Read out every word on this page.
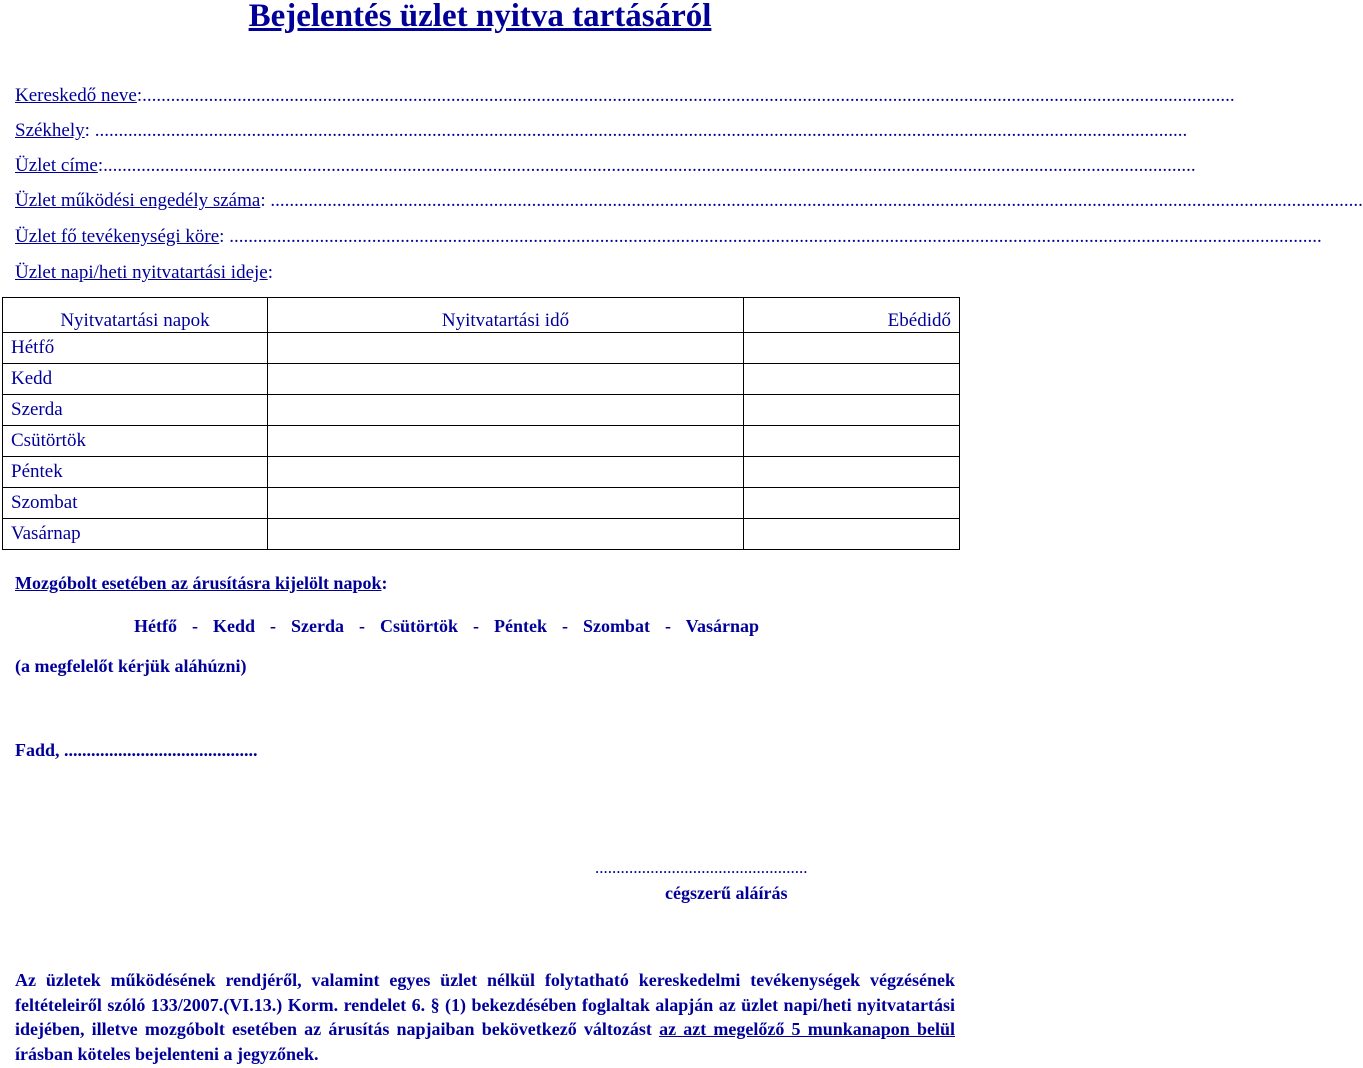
Bejelentés üzlet nyitva tartásáról
Kereskedő neve : ......................................................................................................................................................................................................................................
Székhely : ......................................................................................................................................................................................................................................
Üzlet címe : ......................................................................................................................................................................................................................................
Üzlet működési engedély száma : ......................................................................................................................................................................................................................................
Üzlet fő tevékenységi köre : ......................................................................................................................................................................................................................................
Üzlet napi/heti nyitvatartási ideje :
Nyitvatartási napok	Nyitvatartási idő	Ebédidő
Hétfő		
Kedd		
Szerda		
Csütörtök		
Péntek		
Szombat		
Vasárnap		
Mozgóbolt esetében az árusításra kijelölt napok:
Hétfő  -  Kedd  -  Szerda  -  Csütörtök  -  Péntek  -  Szombat  -  Vasárnap
(a megfelelőt kérjük aláhúzni)
Fadd, ...........................................
..................................................
cégszerű aláírás
Az üzletek működésének rendjéről, valamint egyes üzlet nélkül folytatható kereskedelmi tevékenységek végzésének feltételeiről szóló 133/2007.(VI.13.) Korm. rendelet 6. § (1) bekezdésében foglaltak alapján az üzlet napi/heti nyitvatartási idejében, illetve mozgóbolt esetében az árusítás napjaiban bekövetkező változást az azt megelőző 5 munkanapon belül írásban köteles bejelenteni a jegyzőnek.
